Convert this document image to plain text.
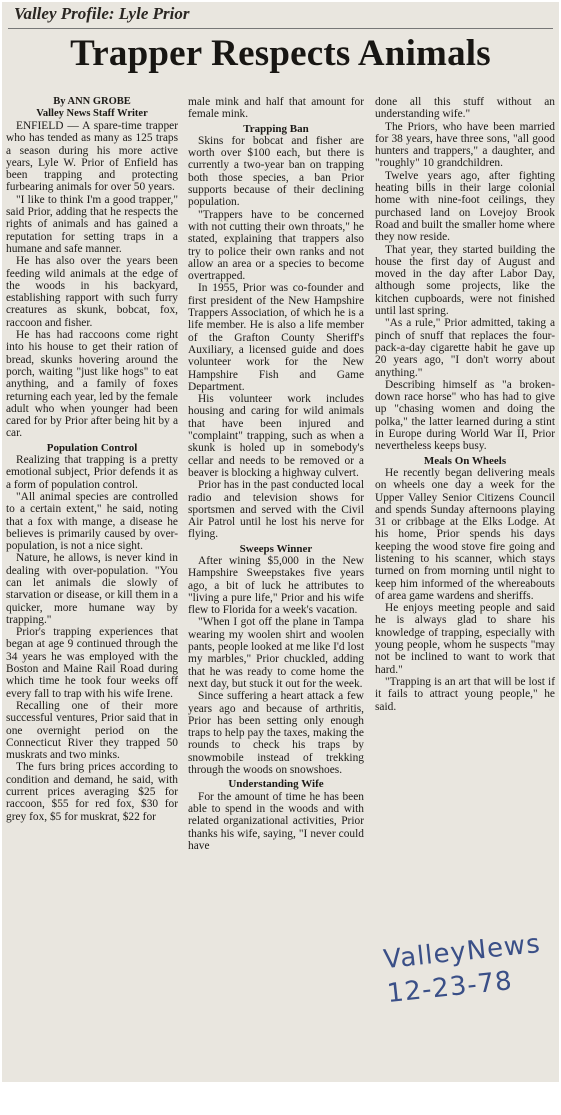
Valley Profile: Lyle Prior
Trapper Respects Animals
By ANN GROBE
Valley News Staff Writer

ENFIELD — A spare-time trapper who has tended as many as 125 traps a season during his more active years, Lyle W. Prior of Enfield has been trapping and protecting furbearing animals for over 50 years.

"I like to think I'm a good trapper," said Prior, adding that he respects the rights of animals and has gained a reputation for setting traps in a humane and safe manner.

He has also over the years been feeding wild animals at the edge of the woods in his backyard, establishing rapport with such furry creatures as skunk, bobcat, fox, raccoon and fisher.

He has had raccoons come right into his house to get their ration of bread, skunks hovering around the porch, waiting "just like hogs" to eat anything, and a family of foxes returning each year, led by the female adult who when younger had been cared for by Prior after being hit by a car.

Population Control

Realizing that trapping is a pretty emotional subject, Prior defends it as a form of population control.

"All animal species are controlled to a certain extent," he said, noting that a fox with mange, a disease he believes is primarily caused by over-population, is not a nice sight.

Nature, he allows, is never kind in dealing with over-population. "You can let animals die slowly of starvation or disease, or kill them in a quicker, more humane way by trapping."

Prior's trapping experiences that began at age 9 continued through the 34 years he was employed with the Boston and Maine Rail Road during which time he took four weeks off every fall to trap with his wife Irene.

Recalling one of their more successful ventures, Prior said that in one overnight period on the Connecticut River they trapped 50 muskrats and two minks.

The furs bring prices according to condition and demand, he said, with current prices averaging $25 for raccoon, $55 for red fox, $30 for grey fox, $5 for muskrat, $22 for

male mink and half that amount for female mink.

Trapping Ban

Skins for bobcat and fisher are worth over $100 each, but there is currently a two-year ban on trapping both those species, a ban Prior supports because of their declining population.

"Trappers have to be concerned with not cutting their own throats," he stated, explaining that trappers also try to police their own ranks and not allow an area or a species to become overtrapped.

In 1955, Prior was co-founder and first president of the New Hampshire Trappers Association, of which he is a life member. He is also a life member of the Grafton County Sheriff's Auxiliary, a licensed guide and does volunteer work for the New Hampshire Fish and Game Department.

His volunteer work includes housing and caring for wild animals that have been injured and "complaint" trapping, such as when a skunk is holed up in somebody's cellar and needs to be removed or a beaver is blocking a highway culvert.

Prior has in the past conducted local radio and television shows for sportsmen and served with the Civil Air Patrol until he lost his nerve for flying.

Sweeps Winner

After wining $5,000 in the New Hampshire Sweepstakes five years ago, a bit of luck he attributes to "living a pure life," Prior and his wife flew to Florida for a week's vacation.

"When I got off the plane in Tampa wearing my woolen shirt and woolen pants, people looked at me like I'd lost my marbles," Prior chuckled, adding that he was ready to come home the next day, but stuck it out for the week.

Since suffering a heart attack a few years ago and because of arthritis, Prior has been setting only enough traps to help pay the taxes, making the rounds to check his traps by snowmobile instead of trekking through the woods on snowshoes.

Understanding Wife

For the amount of time he has been able to spend in the woods and with related organizational activities, Prior thanks his wife, saying, "I never could have

done all this stuff without an understanding wife."

The Priors, who have been married for 38 years, have three sons, "all good hunters and trappers," a daughter, and "roughly" 10 grandchildren.

Twelve years ago, after fighting heating bills in their large colonial home with nine-foot ceilings, they purchased land on Lovejoy Brook Road and built the smaller home where they now reside.

That year, they started building the house the first day of August and moved in the day after Labor Day, although some projects, like the kitchen cupboards, were not finished until last spring.

"As a rule," Prior admitted, taking a pinch of snuff that replaces the four-pack-a-day cigarette habit he gave up 20 years ago, "I don't worry about anything."

Describing himself as "a broken-down race horse" who has had to give up "chasing women and doing the polka," the latter learned during a stint in Europe during World War II, Prior nevertheless keeps busy.

Meals On Wheels

He recently began delivering meals on wheels one day a week for the Upper Valley Senior Citizens Council and spends Sunday afternoons playing 31 or cribbage at the Elks Lodge. At his home, Prior spends his days keeping the wood stove fire going and listening to his scanner, which stays turned on from morning until night to keep him informed of the whereabouts of area game wardens and sheriffs.

He enjoys meeting people and said he is always glad to share his knowledge of trapping, especially with young people, whom he suspects "may not be inclined to want to work that hard."

"Trapping is an art that will be lost if it fails to attract young people," he said.

ValleyNews
12-23-78
